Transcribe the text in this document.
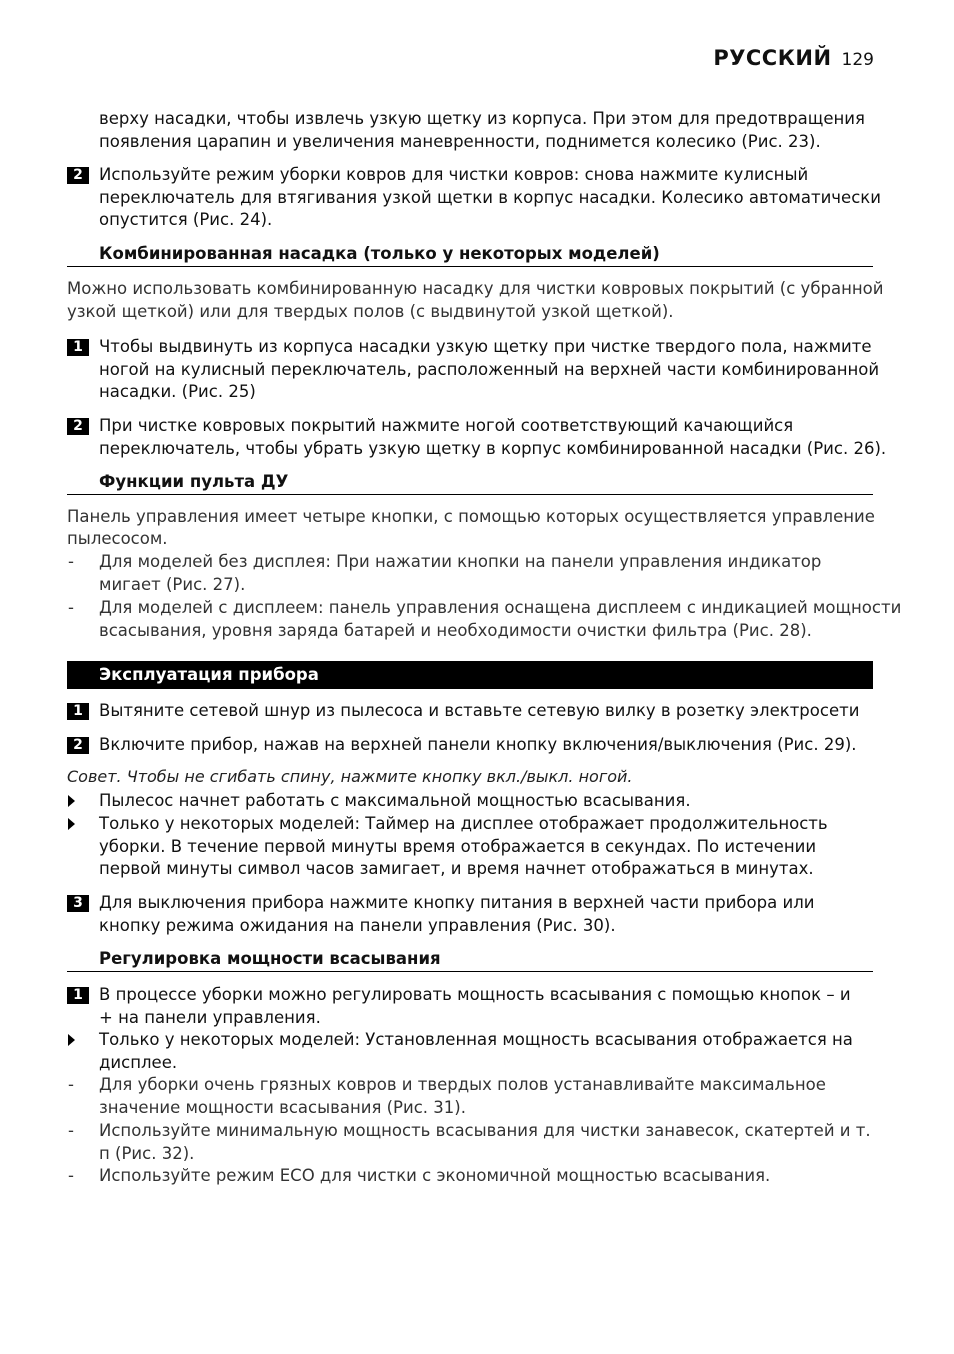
РУССКИЙ 129
верху насадки, чтобы извлечь узкую щетку из корпуса. При этом для предотвращения
появления царапин и увеличения маневренности, поднимется колесико (Рис. 23).
2 Используйте режим уборки ковров для чистки ковров: снова нажмите кулисный
переключатель для втягивания узкой щетки в корпус насадки. Колесико автоматически
опустится (Рис. 24).
Комбинированная насадка (только у некоторых моделей)
Можно использовать комбинированную насадку для чистки ковровых покрытий (с убранной
узкой щеткой) или для твердых полов (с выдвинутой узкой щеткой).
1 Чтобы выдвинуть из корпуса насадки узкую щетку при чистке твердого пола, нажмите
ногой на кулисный переключатель, расположенный на верхней части комбинированной
насадки. (Рис. 25)
2 При чистке ковровых покрытий нажмите ногой соответствующий качающийся
переключатель, чтобы убрать узкую щетку в корпус комбинированной насадки (Рис. 26).
Функции пульта ДУ
Панель управления имеет четыре кнопки, с помощью которых осуществляется управление
пылесосом.
- Для моделей без дисплея: При нажатии кнопки на панели управления индикатор
мигает (Рис. 27).
- Для моделей с дисплеем: панель управления оснащена дисплеем с индикацией мощности
всасывания, уровня заряда батарей и необходимости очистки фильтра (Рис. 28).
Эксплуатация прибора
1 Вытяните сетевой шнур из пылесоса и вставьте сетевую вилку в розетку электросети
2 Включите прибор, нажав на верхней панели кнопку включения/выключения (Рис. 29).
Совет. Чтобы не сгибать спину, нажмите кнопку вкл./выкл. ногой.
Пылесос начнет работать с максимальной мощностью всасывания.
Только у некоторых моделей: Таймер на дисплее отображает продолжительность
уборки. В течение первой минуты время отображается в секундах. По истечении
первой минуты символ часов замигает, и время начнет отображаться в минутах.
3 Для выключения прибора нажмите кнопку питания в верхней части прибора или
кнопку режима ожидания на панели управления (Рис. 30).
Регулировка мощности всасывания
1 В процессе уборки можно регулировать мощность всасывания с помощью кнопок – и
+ на панели управления.
Только у некоторых моделей: Установленная мощность всасывания отображается на
дисплее.
- Для уборки очень грязных ковров и твердых полов устанавливайте максимальное
значение мощности всасывания (Рис. 31).
- Используйте минимальную мощность всасывания для чистки занавесок, скатертей и т.
п (Рис. 32).
- Используйте режим ECO для чистки с экономичной мощностью всасывания.
